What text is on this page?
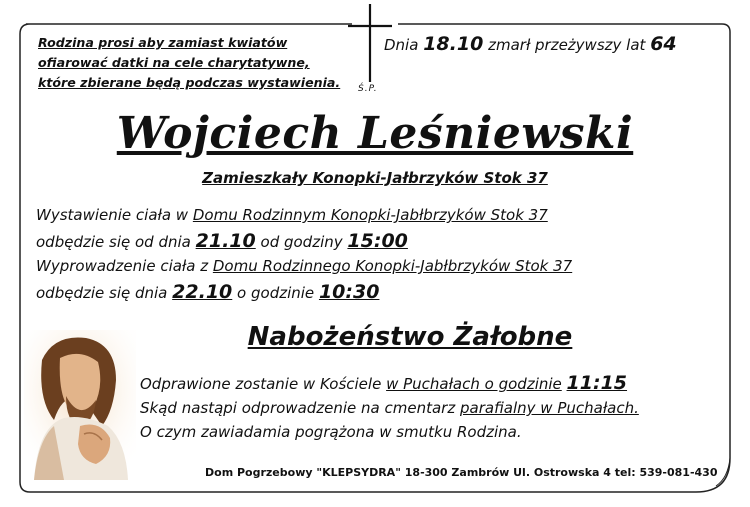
Rodzina prosi aby zamiast kwiatów
ofiarować datki na cele charytatywne,
które zbierane będą podczas wystawienia.
Dnia 18.10 zmarł przeżywszy lat 64
Ś.P.
Wojciech Leśniewski
Zamieszkały Konopki-Jałbrzyków Stok 37
Wystawienie ciała w Domu Rodzinnym Konopki-Jabłbrzyków Stok 37
odbędzie się od dnia 21.10 od godziny 15:00
Wyprowadzenie ciała z Domu Rodzinnego Konopki-Jabłbrzyków Stok 37
odbędzie się dnia 22.10 o godzinie 10:30
Nabożeństwo Żałobne
Odprawione zostanie w Kościele w Puchałach o godzinie 11:15
Skąd nastąpi odprowadzenie na cmentarz parafialny w Puchałach.
O czym zawiadamia pogrążona w smutku Rodzina.
Dom Pogrzebowy "KLEPSYDRA" 18-300 Zambrów Ul. Ostrowska 4 tel: 539-081-430
